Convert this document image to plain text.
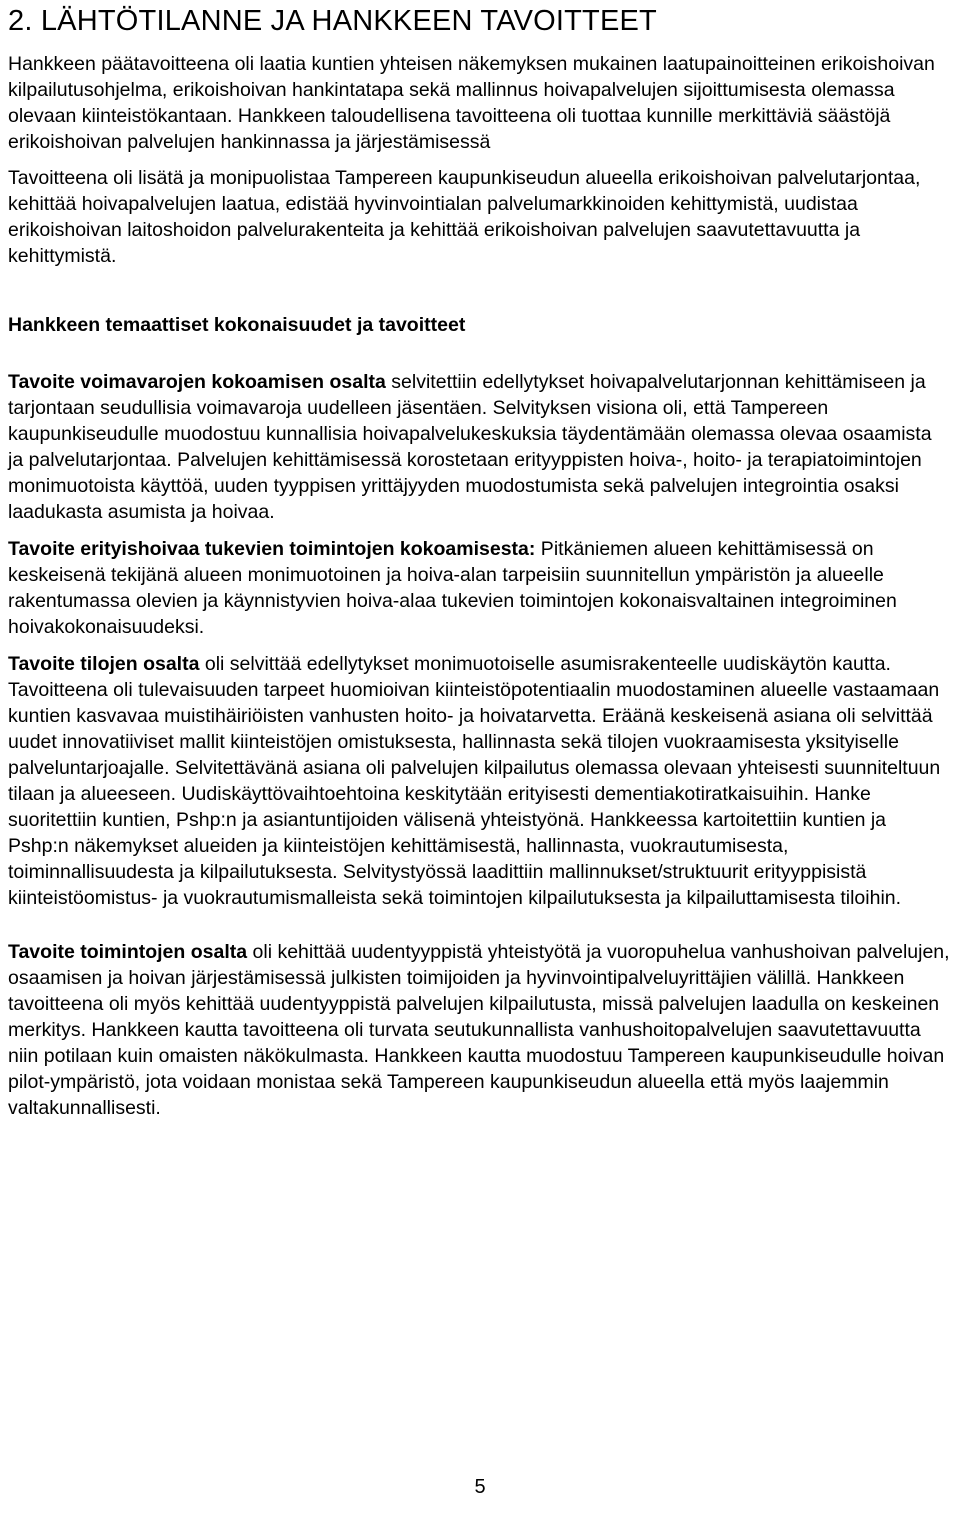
2. LÄHTÖTILANNE JA HANKKEEN TAVOITTEET

Hankkeen päätavoitteena oli laatia kuntien yhteisen näkemyksen mukainen laatupainoitteinen erikoishoivan kilpailutusohjelma, erikoishoivan hankintatapa sekä mallinnus hoivapalvelujen sijoittumisesta olemassa olevaan kiinteistökantaan. Hankkeen taloudellisena tavoitteena oli tuottaa kunnille merkittäviä säästöjä erikoishoivan palvelujen hankinnassa ja järjestämisessä

Tavoitteena oli lisätä ja monipuolistaa Tampereen kaupunkiseudun alueella erikoishoivan palvelutarjontaa, kehittää hoivapalvelujen laatua, edistää hyvinvointialan palvelumarkkinoiden kehittymistä, uudistaa erikoishoivan laitoshoidon palvelurakenteita ja kehittää erikoishoivan palvelujen saavutettavuutta ja kehittymistä.

Hankkeen temaattiset kokonaisuudet ja tavoitteet

Tavoite voimavarojen kokoamisen osalta selvitettiin edellytykset hoivapalvelutarjonnan kehittämiseen ja tarjontaan seudullisia voimavaroja uudelleen jäsentäen. Selvityksen visiona oli, että Tampereen kaupunkiseudulle muodostuu kunnallisia hoivapalvelukeskuksia täydentämään olemassa olevaa osaamista ja palvelutarjontaa. Palvelujen kehittämisessä korostetaan erityyppisten hoiva-, hoito- ja terapiatoimintojen monimuotoista käyttöä, uuden tyyppisen yrittäjyyden muodostumista sekä palvelujen integrointia osaksi laadukasta asumista ja hoivaa.

Tavoite erityishoivaa tukevien toimintojen kokoamisesta: Pitkäniemen alueen kehittämisessä on keskeisenä tekijänä alueen monimuotoinen ja hoiva-alan tarpeisiin suunnitellun ympäristön ja alueelle rakentumassa olevien ja käynnistyvien hoiva-alaa tukevien toimintojen kokonaisvaltainen integroiminen hoivakokonaisuudeksi.

Tavoite tilojen osalta oli selvittää edellytykset monimuotoiselle asumisrakenteelle uudiskäytön kautta. Tavoitteena oli tulevaisuuden tarpeet huomioivan kiinteistöpotentiaalin muodostaminen alueelle vastaamaan kuntien kasvavaa muistihäiriöisten vanhusten hoito- ja hoivatarvetta. Eräänä keskeisenä asiana oli selvittää uudet innovatiiviset mallit kiinteistöjen omistuksesta, hallinnasta sekä tilojen vuokraamisesta yksityiselle palveluntarjoajalle. Selvitettävänä asiana oli palvelujen kilpailutus olemassa olevaan yhteisesti suunniteltuun tilaan ja alueeseen. Uudiskäyttövaihtoehtoina keskitytään erityisesti dementiakotiratkaisuihin. Hanke suoritettiin kuntien, Pshp:n ja asiantuntijoiden välisenä yhteistyönä. Hankkeessa kartoitettiin kuntien ja Pshp:n näkemykset alueiden ja kiinteistöjen kehittämisestä, hallinnasta, vuokrautumisesta, toiminnallisuudesta ja kilpailutuksesta. Selvitystyössä laadittiin mallinnukset/struktuurit erityyppisistä kiinteistöomistus- ja vuokrautumismalleista sekä toimintojen kilpailutuksesta ja kilpailuttamisesta tiloihin.

Tavoite toimintojen osalta oli kehittää uudentyyppistä yhteistyötä ja vuoropuhelua vanhushoivan palvelujen, osaamisen ja hoivan järjestämisessä julkisten toimijoiden ja hyvinvointipalveluyrittäjien välillä. Hankkeen tavoitteena oli myös kehittää uudentyyppistä palvelujen kilpailutusta, missä palvelujen laadulla on keskeinen merkitys. Hankkeen kautta tavoitteena oli turvata seutukunnallista vanhushoitopalvelujen saavutettavuutta niin potilaan kuin omaisten näkökulmasta. Hankkeen kautta muodostuu Tampereen kaupunkiseudulle hoivan pilot-ympäristö, jota voidaan monistaa sekä Tampereen kaupunkiseudun alueella että myös laajemmin valtakunnallisesti.

5
